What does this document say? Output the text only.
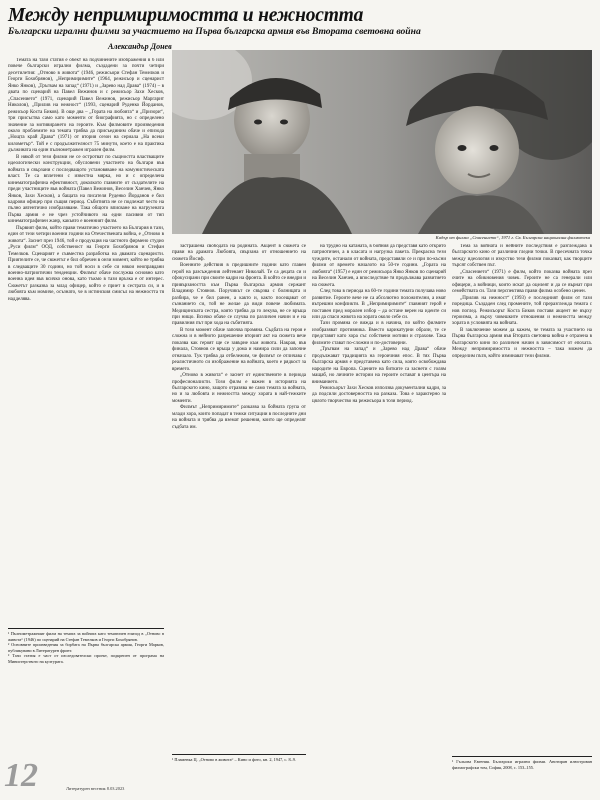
Между непримиримостта и нежността
Български игрални филми за участието на Първа българска армия във Втората световна война
Александър Донев
Кадър от филма „Спасението“, 1971 г. Св. Българска национална филмотека

Темата на тази статия е обект на подчинените изображения в 6 или повече български игрални филма, създадени за почти четири десетилетия: „Отново в живота“ (1946, режисьори Стефан Темелков и Георги Бохобрянов), „Непримиримите“ (1964, режисьор и сценарист Янко Янков), „Тръгвам на запад“ (1971) и „Зарево над Драва“ (1974) – в двата по сценарий на Павел Вежинов и с режисьор Захи Хесков, „Спасението“ (1971, сценарий Павел Вежинов, режисьор Маргарит Николов), „Прилив на нежност“ (1993, сценарий Руденко Йорданов, режисьор Коста Биков). В още два – „Гората на любовта“ и „Призори“, три присъства само като моменти от биографията, но с определено значение за мотивирането на героите. Към филмовите произведения около проблемите на темата трябва да присъединим обаче и епизода „Нощта край Драва“ (1971) от втория сезон на сериала „На всеки километър“. Той е с продължителност 75 минути, което е на практика дължината на един пълнометражен игрален филм.

В някой от тези филми не се остротват по същността властващите идеологически конструкции, обусловени участието на българи във войната и свързани с последващото установяване на комунистическата власт. Те са вплетени с известна мярка, но и с определена кинематографична ефективност, доколкото главните от създателите на преди участниците във войната (Павел Вежинов, Веселин Ханчев, Янко Янков, Захи Хесков), а бащата на писателя Руденко Йорданов е бил кадрови офицер при същия период. Събитията не се подлежат често на пълно автентично изобразяване. Така общото вписване на нагрузената Първа армия е не чрез устойчивото на едни пасивни от тип кинематографичен жанр, какъвто е военният филм.

Първият филм, който прави тематично участието на България в тази, един от тези четири военни години на Отечествената война, е „Отново в живота“. Заснет през 1946, той е продукция на частното фирмено студио „Руси филм“ ООД, собственост на Георги Бохобрянов и Стефан Темелков. Сценарият е съвместна разработка на двамата сценаристи. Приятелите се, че сюжетът е бил обречен в онзи момент, който не трябва в следващите 30 години, но той носи в себе си някои неоправдани военно-патриотични тенденции. Филмът обаче послужва основно като военна идея във всичко онова, като тъкмо в тази връзка е от интерес. Сюжетът разказва за млад офицер, който е приет в сестрата си, и в любовта към момиче, осъзнато, че в истинския смисъл на нежността тя надделява.

¹ Пълнометражният филм на темата за войната като тематичен епизод в „Отново в живота“ (1946) по сценарий на Стефан Темелков и Георги Бохобрянов.

² Основните произведения за борбата на Първа българска армия, Георги Марков, публикувани в Литературен фронт.

³ Тази статия е част от изследователски проект, подкрепен от програма на Министерството на културата.

застрашена свободата на родината. Акцент в сюжета се прави на драмата Любовта, свързана от отношението на сюжета Йосиф.

Военните действия в предишните години като главен герой на разсъждения лейтенант Николай. Те са децата си и сфокусирани при своите кадри на фронта. В който се внедри и привързаността към Първа българска армия сержант Владимир Стоянов. Поручикът се свързва с болницата и разбира, че е бил ранен, а както и, както посещават от съзнанието си, той не желае да види повече любимата. Медицинската сестра, която трябва да го лекува, не се връща при нищо. Всичко обаче се случва по различен начин и е на правилния път при хода на събитията.

В този момент обаче започва промяна. Съдбата на героя е сложна и в нейното разрешение вторият акт на сюжета вече показва как героят ще се завърне към живота. Накрая, във финала, Стоянов се връща у дома и намира сили да започне отначало. Тук трябва да отбележим, че филмът се отличава с реалистичното си изображение на войната, което е рядкост за времето.

„Отново в живота“ е заснет от единствените в периода професионалисти. Този филм е важен в историята на българското кино, защото отразява не само темата за войната, но и за любовта и нежността между хората в най-тежките моменти.

Филмът „Непримиримите“ разказва за бойната група от млади хора, които попадат в тежки ситуации в последните дни на войната и трябва да вземат решения, които ще определят съдбата им.

¹ Пламенка Ц. „Отново в живота“ – Кино и фото, кн. 2, 1947, с. 8–9.

на трудно на катаната, в бойния да представя като открито патриотичен, а в класата и нагрузка пакета. Прекрасна тези чуждите, останали от войната, представяли се и при по-късни филми от времето началото на 50-те години. „Гората на любовта“ (1957) е един от режисьора Янко Янков по сценарий на Веселин Ханчев, а впоследствие тя продължава развитието на сюжета.

След това в периода на 60-те години темата получава ново развитие. Героите вече не са абсолютно положителни, а имат вътрешни конфликти. В „Непримиримите“ главният герой е поставен пред морален избор – да остане верен на идеите си или да спаси живота на хората около себе си.

Тази промяна се вижда и в начина, по който филмите изобразяват противника. Вместо карикатурни образи, те се представят като хора със собствени мотиви и страхове. Така филмите стават по-сложни и по-достоверни.

„Тръгвам на запад“ и „Зарево над Драва“ обаче продължават традицията на героичния епос. В тях Първа българска армия е представена като сила, която освобождава народите на Европа. Сцените на битките са заснети с голям мащаб, но личните истории на героите остават в центъра на вниманието.

Режисьорът Захи Хесков използва документални кадри, за да подсили достоверността на разказа. Това е характерно за цялото творчество на режисьора в този период.

Тема за войната и нейните последствия е разглеждана в българското кино от различни гледни точки. В пресечната точка между идеология и изкуство тези филми показват, как творците търсят собствен път.

„Спасението“ (1971) е филм, който показва войната през очите на обикновения човек. Героите не са генерали или офицери, а войници, които искат да оцелеят и да се върнат при семействата си. Тази перспектива прави филма особено ценен.

„Прилив на нежност“ (1993) е последният филм от тази поредица. Създаден след промените, той преразглежда темата с нов поглед. Режисьорът Коста Биков поставя акцент не върху героизма, а върху човешките отношения и нежността между хората в условията на войната.

В заключение можем да кажем, че темата за участието на Първа българска армия във Втората световна война е отразена в българското кино по различен начин в зависимост от епохата. Между непримиримостта и нежността – така можем да определим пътя, който изминават тези филми.

¹ Гъльова Евгения. Български игрални филми. Анотиран илюстрован филмографски том, София, 2008, с. 153–155.

12	Литературен вестник 8.03.2023
